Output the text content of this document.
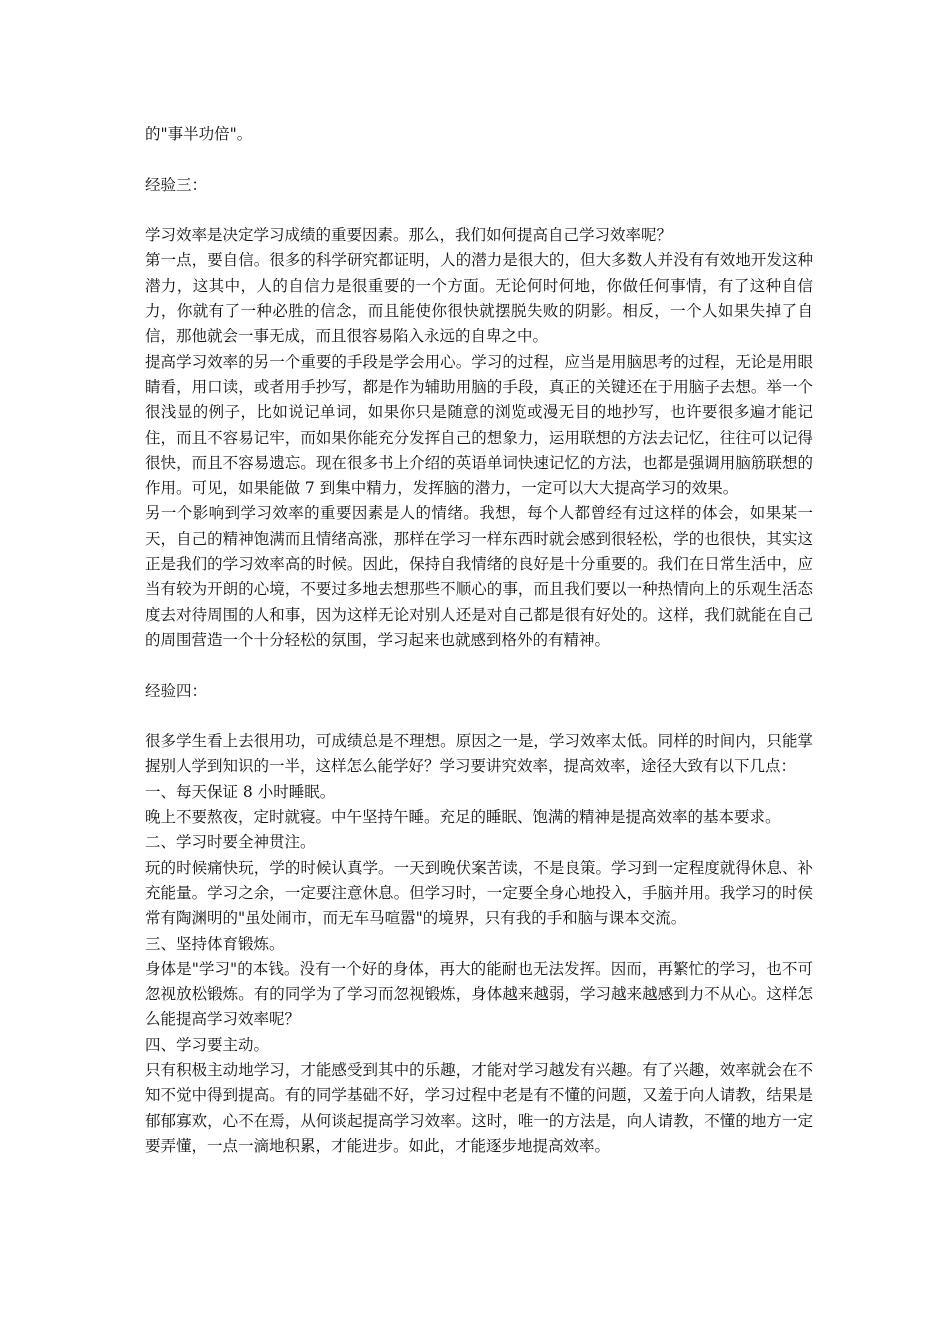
的"事半功倍"。

经验三：

学习效率是决定学习成绩的重要因素。那么，我们如何提高自己学习效率呢？

第一点，要自信。很多的科学研究都证明，人的潜力是很大的，但大多数人并没有有效地开发这种潜力，这其中，人的自信力是很重要的一个方面。无论何时何地，你做任何事情，有了这种自信力，你就有了一种必胜的信念，而且能使你很快就摆脱失败的阴影。相反，一个人如果失掉了自信，那他就会一事无成，而且很容易陷入永远的自卑之中。

提高学习效率的另一个重要的手段是学会用心。学习的过程，应当是用脑思考的过程，无论是用眼睛看，用口读，或者用手抄写，都是作为辅助用脑的手段，真正的关键还在于用脑子去想。举一个很浅显的例子，比如说记单词，如果你只是随意的浏览或漫无目的地抄写，也许要很多遍才能记住，而且不容易记牢，而如果你能充分发挥自己的想象力，运用联想的方法去记忆，往往可以记得很快，而且不容易遗忘。现在很多书上介绍的英语单词快速记忆的方法，也都是强调用脑筋联想的作用。可见，如果能做 7 到集中精力，发挥脑的潜力，一定可以大大提高学习的效果。

另一个影响到学习效率的重要因素是人的情绪。我想，每个人都曾经有过这样的体会，如果某一天，自己的精神饱满而且情绪高涨，那样在学习一样东西时就会感到很轻松，学的也很快，其实这正是我们的学习效率高的时候。因此，保持自我情绪的良好是十分重要的。我们在日常生活中，应当有较为开朗的心境，不要过多地去想那些不顺心的事，而且我们要以一种热情向上的乐观生活态度去对待周围的人和事，因为这样无论对别人还是对自己都是很有好处的。这样，我们就能在自己的周围营造一个十分轻松的氛围，学习起来也就感到格外的有精神。

经验四：

很多学生看上去很用功，可成绩总是不理想。原因之一是，学习效率太低。同样的时间内，只能掌握别人学到知识的一半，这样怎么能学好？学习要讲究效率，提高效率，途径大致有以下几点：

一、每天保证 8 小时睡眠。

晚上不要熬夜，定时就寝。中午坚持午睡。充足的睡眠、饱满的精神是提高效率的基本要求。

二、学习时要全神贯注。

玩的时候痛快玩，学的时候认真学。一天到晚伏案苦读，不是良策。学习到一定程度就得休息、补充能量。学习之余，一定要注意休息。但学习时，一定要全身心地投入，手脑并用。我学习的时侯常有陶渊明的"虽处闹市，而无车马喧嚣"的境界，只有我的手和脑与课本交流。

三、坚持体育锻炼。

身体是"学习"的本钱。没有一个好的身体，再大的能耐也无法发挥。因而，再繁忙的学习，也不可忽视放松锻炼。有的同学为了学习而忽视锻炼，身体越来越弱，学习越来越感到力不从心。这样怎么能提高学习效率呢？

四、学习要主动。

只有积极主动地学习，才能感受到其中的乐趣，才能对学习越发有兴趣。有了兴趣，效率就会在不知不觉中得到提高。有的同学基础不好，学习过程中老是有不懂的问题，又羞于向人请教，结果是郁郁寡欢，心不在焉，从何谈起提高学习效率。这时，唯一的方法是，向人请教，不懂的地方一定要弄懂，一点一滴地积累，才能进步。如此，才能逐步地提高效率。
